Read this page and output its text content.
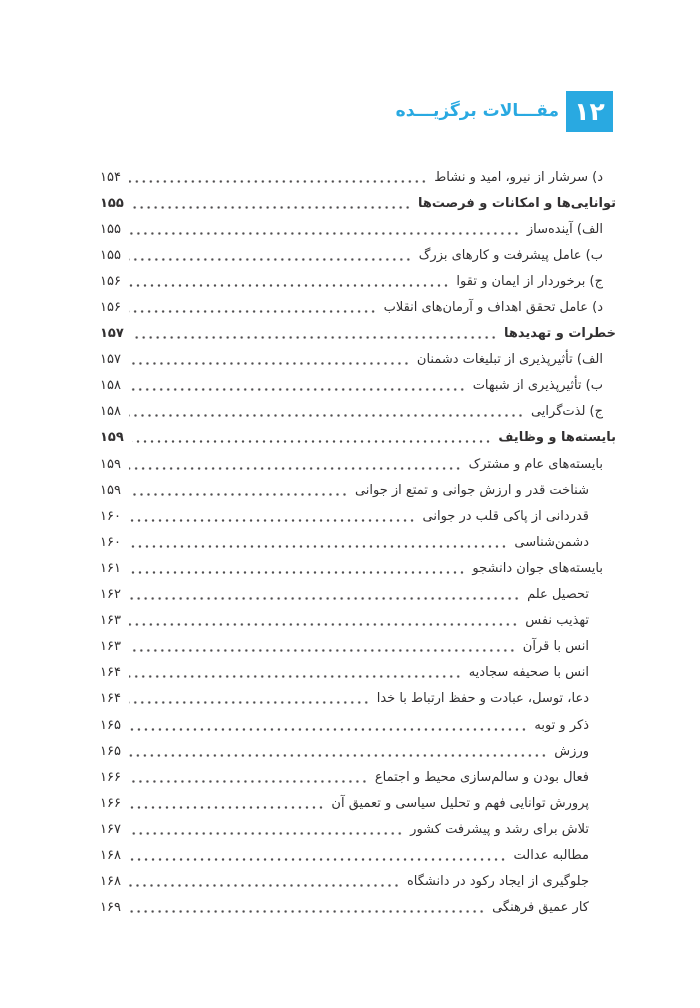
۱۲
مقـــالات برگزیـــده
د) سرشار از نیرو، امید و نشاط
۱۵۴
توانایی‌ها و امکانات و فرصت‌ها
۱۵۵
الف) آینده‌ساز
۱۵۵
ب) عامل پیشرفت و کارهای بزرگ
۱۵۵
ج) برخوردار از ایمان و تقوا
۱۵۶
د) عامل تحقق اهداف و آرمان‌های انقلاب
۱۵۶
خطرات و تهدیدها
۱۵۷
الف) تأثیرپذیری از تبلیغات دشمنان
۱۵۷
ب) تأثیرپذیری از شبهات
۱۵۸
ج) لذت‌گرایی
۱۵۸
بایسته‌ها و وظایف
۱۵۹
بایسته‌های عام و مشترک
۱۵۹
شناخت قدر و ارزش جوانی و تمتع از جوانی
۱۵۹
قدردانی از پاکی قلب در جوانی
۱۶۰
دشمن‌شناسی
۱۶۰
بایسته‌های جوان دانشجو
۱۶۱
تحصیل علم
۱۶۲
تهذیب نفس
۱۶۳
انس با قرآن
۱۶۳
انس با صحیفه سجادیه
۱۶۴
دعا، توسل، عبادت و حفظ ارتباط با خدا
۱۶۴
ذکر و توبه
۱۶۵
ورزش
۱۶۵
فعال بودن و سالم‌سازی محیط و اجتماع
۱۶۶
پرورش توانایی فهم و تحلیل سیاسی و تعمیق آن
۱۶۶
تلاش برای رشد و پیشرفت کشور
۱۶۷
مطالبه عدالت
۱۶۸
جلوگیری از ایجاد رکود در دانشگاه
۱۶۸
کار عمیق فرهنگی
۱۶۹
